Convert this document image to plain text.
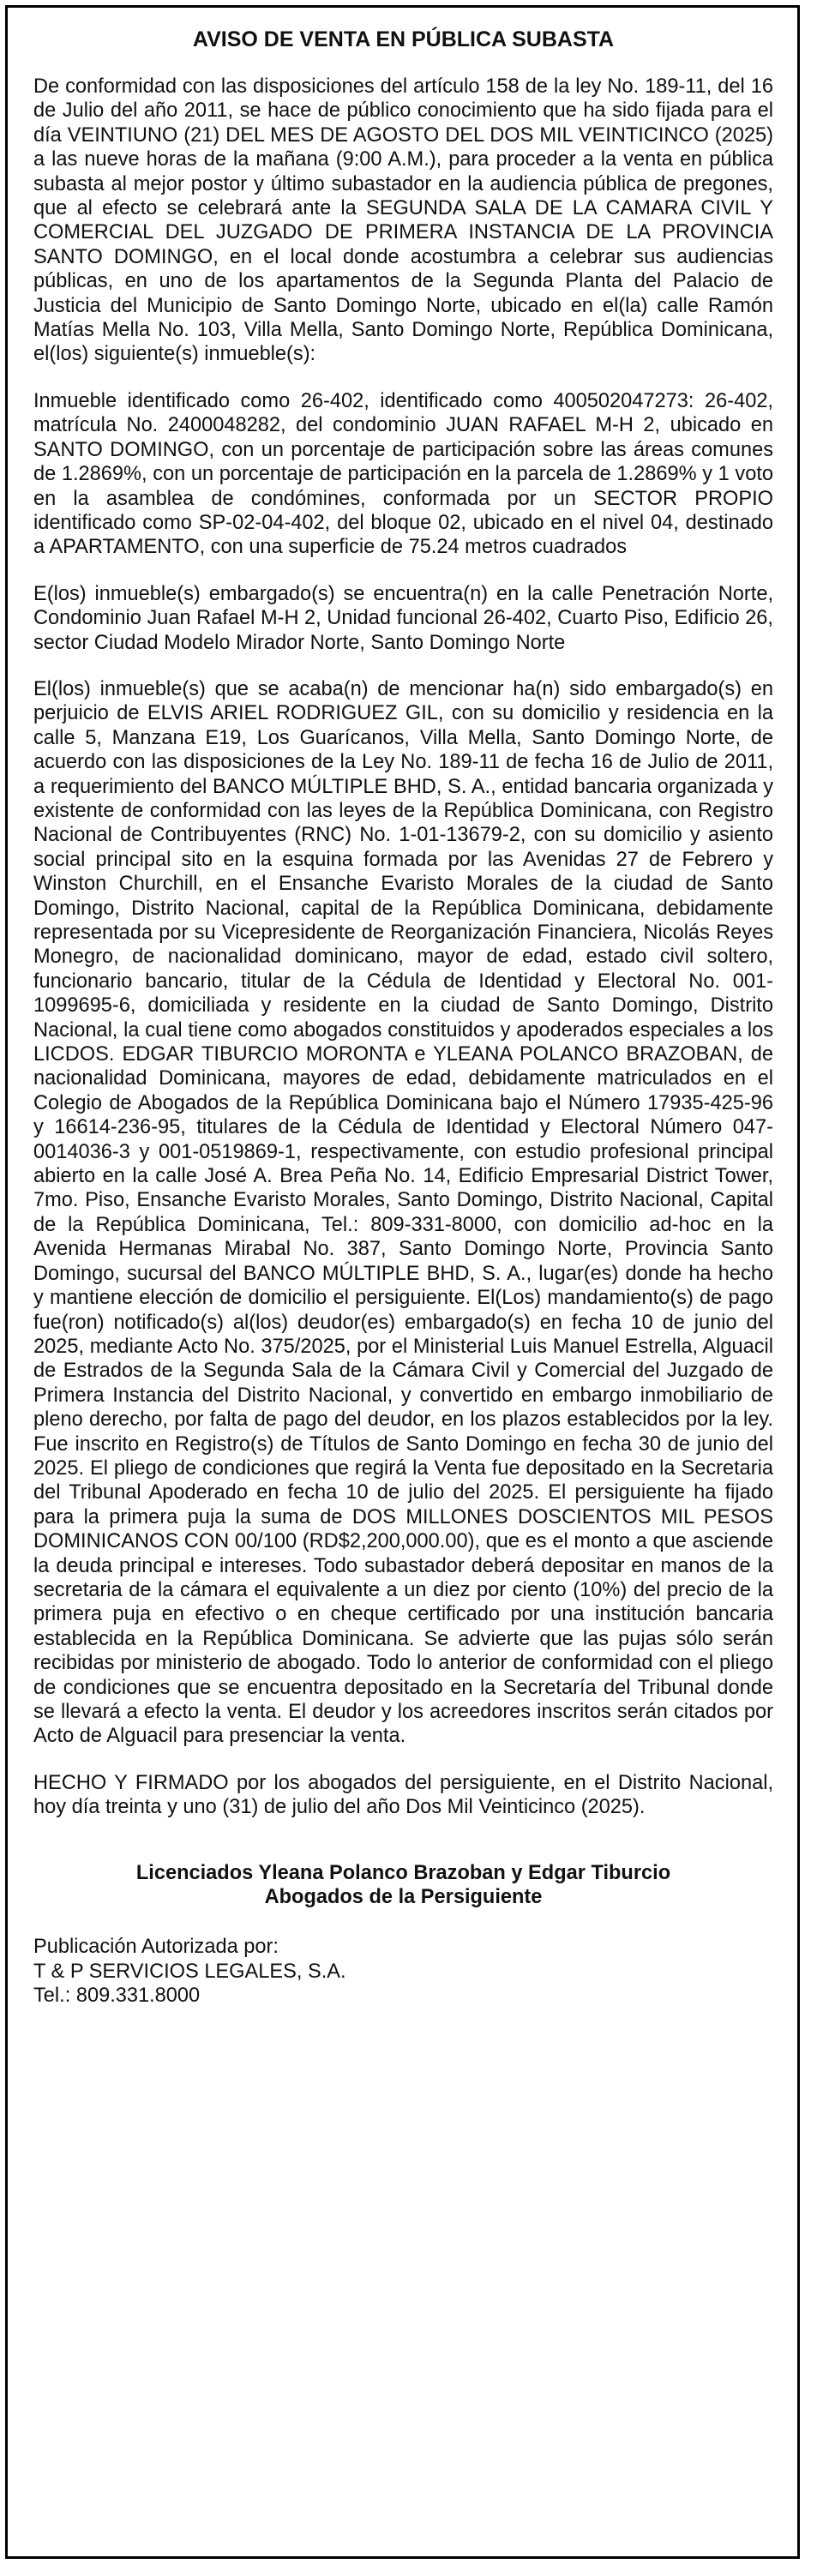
AVISO DE VENTA EN PÚBLICA SUBASTA
De conformidad con las disposiciones del artículo 158 de la ley No. 189-11, del 16 de Julio del año 2011, se hace de público conocimiento que ha sido fijada para el día VEINTIUNO (21) DEL MES DE AGOSTO DEL DOS MIL VEINTICINCO (2025) a las nueve horas de la mañana (9:00 A.M.), para proceder a la venta en pública subasta al mejor postor y último subastador en la audiencia pública de pregones, que al efecto se celebrará ante la SEGUNDA SALA DE LA CAMARA CIVIL Y COMERCIAL DEL JUZGADO DE PRIMERA INSTANCIA DE LA PROVINCIA SANTO DOMINGO, en el local donde acostumbra a celebrar sus audiencias públicas, en uno de los apartamentos de la Segunda Planta del Palacio de Justicia del Municipio de Santo Domingo Norte, ubicado en el(la) calle Ramón Matías Mella No. 103, Villa Mella, Santo Domingo Norte, República Dominicana, el(los) siguiente(s) inmueble(s):
Inmueble identificado como 26-402, identificado como 400502047273: 26-402, matrícula No. 2400048282, del condominio JUAN RAFAEL M-H 2, ubicado en SANTO DOMINGO, con un porcentaje de participación sobre las áreas comunes de 1.2869%, con un porcentaje de participación en la parcela de 1.2869% y 1 voto en la asamblea de condómines, conformada por un SECTOR PROPIO identificado como SP-02-04-402, del bloque 02, ubicado en el nivel 04, destinado a APARTAMENTO, con una superficie de 75.24 metros cuadrados
E(los) inmueble(s) embargado(s) se encuentra(n) en la calle Penetración Norte, Condominio Juan Rafael M-H 2, Unidad funcional 26-402, Cuarto Piso, Edificio 26, sector Ciudad Modelo Mirador Norte, Santo Domingo Norte
El(los) inmueble(s) que se acaba(n) de mencionar ha(n) sido embargado(s) en perjuicio de ELVIS ARIEL RODRIGUEZ GIL, con su domicilio y residencia en la calle 5, Manzana E19, Los Guarícanos, Villa Mella, Santo Domingo Norte, de acuerdo con las disposiciones de la Ley No. 189-11 de fecha 16 de Julio de 2011, a requerimiento del BANCO MÚLTIPLE BHD, S. A., entidad bancaria organizada y existente de conformidad con las leyes de la República Dominicana, con Registro Nacional de Contribuyentes (RNC) No. 1-01-13679-2, con su domicilio y asiento social principal sito en la esquina formada por las Avenidas 27 de Febrero y Winston Churchill, en el Ensanche Evaristo Morales de la ciudad de Santo Domingo, Distrito Nacional, capital de la República Dominicana, debidamente representada por su Vicepresidente de Reorganización Financiera, Nicolás Reyes Monegro, de nacionalidad dominicano, mayor de edad, estado civil soltero, funcionario bancario, titular de la Cédula de Identidad y Electoral No. 001-1099695-6, domiciliada y residente en la ciudad de Santo Domingo, Distrito Nacional, la cual tiene como abogados constituidos y apoderados especiales a los LICDOS. EDGAR TIBURCIO MORONTA e YLEANA POLANCO BRAZOBAN, de nacionalidad Dominicana, mayores de edad, debidamente matriculados en el Colegio de Abogados de la República Dominicana bajo el Número 17935-425-96 y 16614-236-95, titulares de la Cédula de Identidad y Electoral Número 047-0014036-3 y 001-0519869-1, respectivamente, con estudio profesional principal abierto en la calle José A. Brea Peña No. 14, Edificio Empresarial District Tower, 7mo. Piso, Ensanche Evaristo Morales, Santo Domingo, Distrito Nacional, Capital de la República Dominicana, Tel.: 809-331-8000, con domicilio ad-hoc en la Avenida Hermanas Mirabal No. 387, Santo Domingo Norte, Provincia Santo Domingo, sucursal del BANCO MÚLTIPLE BHD, S. A., lugar(es) donde ha hecho y mantiene elección de domicilio el persiguiente. El(Los) mandamiento(s) de pago fue(ron) notificado(s) al(los) deudor(es) embargado(s) en fecha 10 de junio del 2025, mediante Acto No. 375/2025, por el Ministerial Luis Manuel Estrella, Alguacil de Estrados de la Segunda Sala de la Cámara Civil y Comercial del Juzgado de Primera Instancia del Distrito Nacional, y convertido en embargo inmobiliario de pleno derecho, por falta de pago del deudor, en los plazos establecidos por la ley. Fue inscrito en Registro(s) de Títulos de Santo Domingo en fecha 30 de junio del 2025. El pliego de condiciones que regirá la Venta fue depositado en la Secretaria del Tribunal Apoderado en fecha 10 de julio del 2025. El persiguiente ha fijado para la primera puja la suma de DOS MILLONES DOSCIENTOS MIL PESOS DOMINICANOS CON 00/100 (RD$2,200,000.00), que es el monto a que asciende la deuda principal e intereses. Todo subastador deberá depositar en manos de la secretaria de la cámara el equivalente a un diez por ciento (10%) del precio de la primera puja en efectivo o en cheque certificado por una institución bancaria establecida en la República Dominicana. Se advierte que las pujas sólo serán recibidas por ministerio de abogado. Todo lo anterior de conformidad con el pliego de condiciones que se encuentra depositado en la Secretaría del Tribunal donde se llevará a efecto la venta. El deudor y los acreedores inscritos serán citados por Acto de Alguacil para presenciar la venta.
HECHO Y FIRMADO por los abogados del persiguiente, en el Distrito Nacional, hoy día treinta y uno (31) de julio del año Dos Mil Veinticinco (2025).
Licenciados Yleana Polanco Brazoban y Edgar Tiburcio
Abogados de la Persiguiente
Publicación Autorizada por:
T & P SERVICIOS LEGALES, S.A.
Tel.: 809.331.8000
